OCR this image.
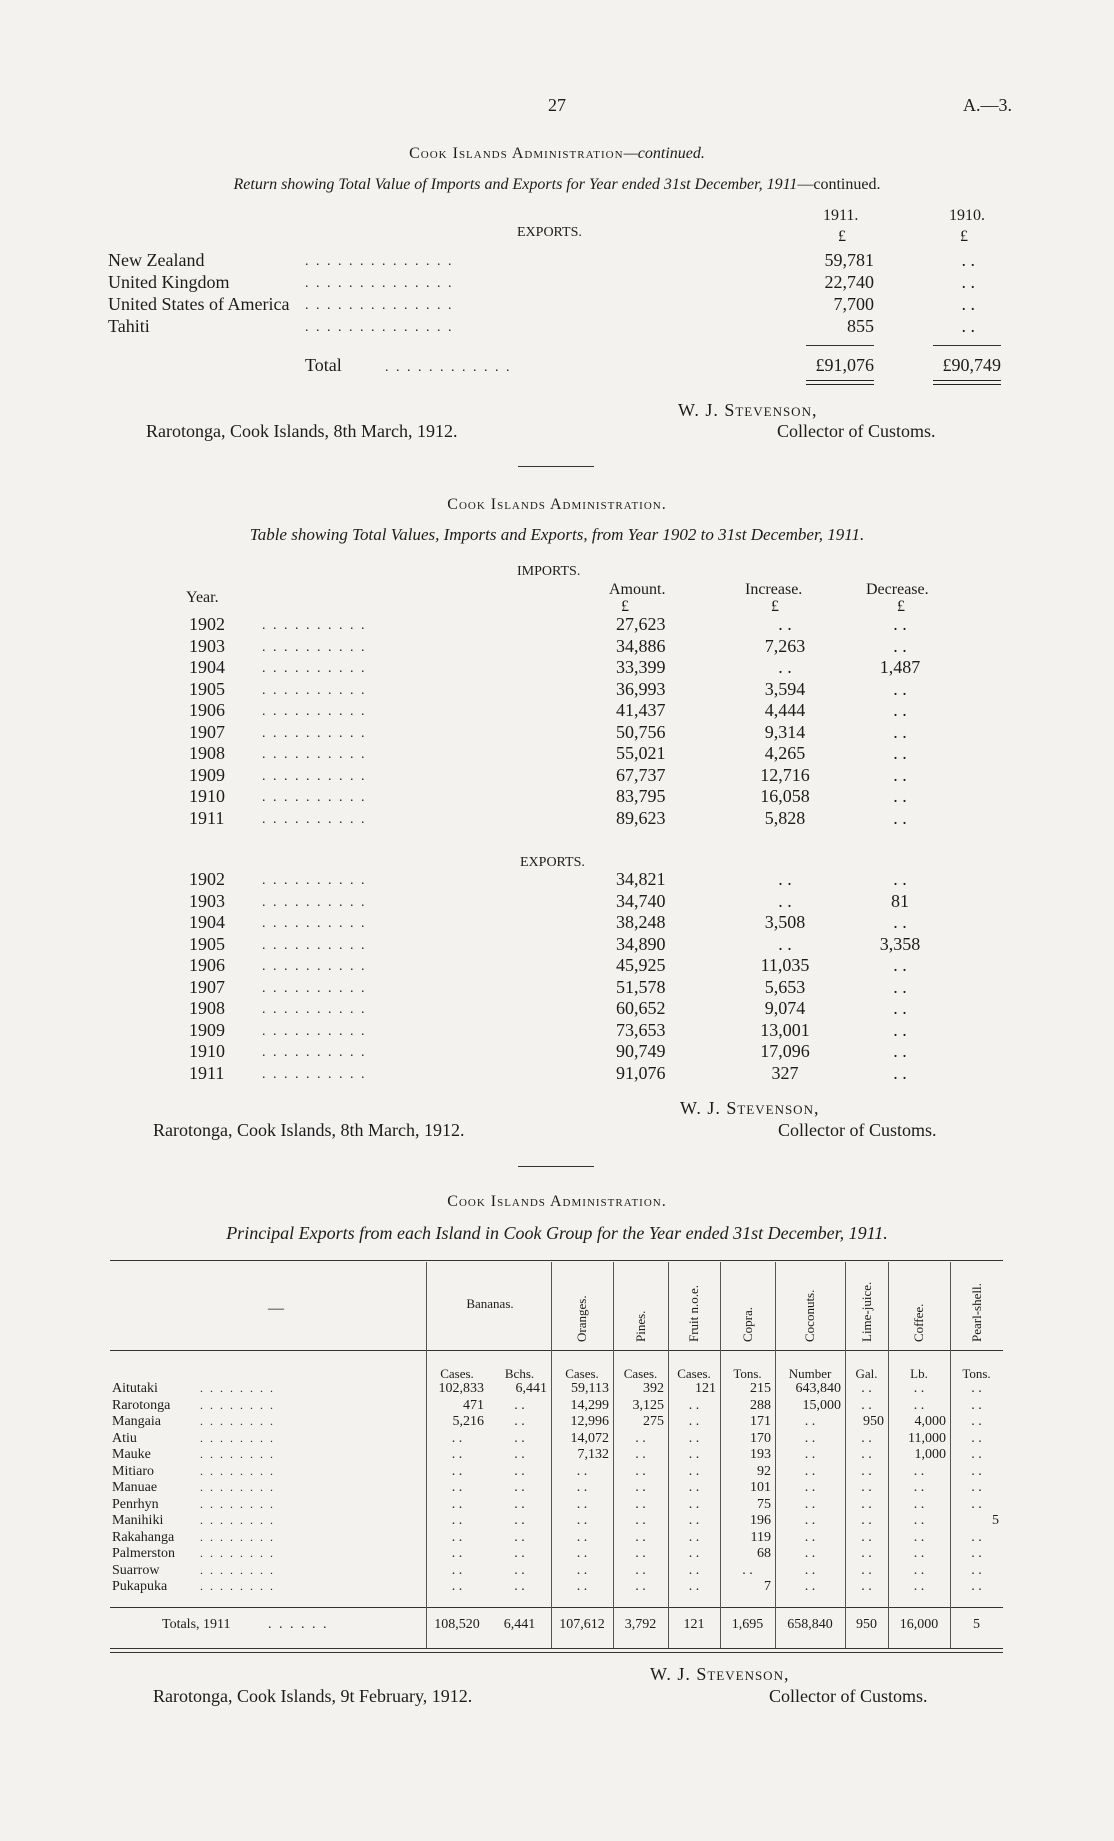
27	A.—3.
Cook Islands Administration—continued.
Return showing Total Value of Imports and Exports for Year ended 31st December, 1911—continued.
EXPORTS.
1911.	1910.
£	£
New Zealand	. . . . . . . . . . . . . .	59,781	. .
United Kingdom	. . . . . . . . . . . . . .	22,740	. .
United States of America . . . . . . . . . . . . . .	7,700	. .
Tahiti	. . . . . . . . . . . . . .	855	. .
Total	. . . . . . . . . . . .	£91,076	£90,749
W. J. Stevenson,
Rarotonga, Cook Islands, 8th March, 1912.	Collector of Customs.
Cook Islands Administration.
Table showing Total Values, Imports and Exports, from Year 1902 to 31st December, 1911.
IMPORTS.
Year.	Amount.	Increase.	Decrease.
£	£	£
1902	. . . . . . . . . .	27,623	. .	. .
1903	. . . . . . . . . .	34,886	7,263	. .
1904	. . . . . . . . . .	33,399	. .	1,487
1905	. . . . . . . . . .	36,993	3,594	. .
1906	. . . . . . . . . .	41,437	4,444	. .
1907	. . . . . . . . . .	50,756	9,314	. .
1908	. . . . . . . . . .	55,021	4,265	. .
1909	. . . . . . . . . .	67,737	12,716	. .
1910	. . . . . . . . . .	83,795	16,058	. .
1911	. . . . . . . . . .	89,623	5,828	. .
EXPORTS.
1902	. . . . . . . . . .	34,821	. .	. .
1903	. . . . . . . . . .	34,740	. .	81
1904	. . . . . . . . . .	38,248	3,508	. .
1905	. . . . . . . . . .	34,890	. .	3,358
1906	. . . . . . . . . .	45,925	11,035	. .
1907	. . . . . . . . . .	51,578	5,653	. .
1908	. . . . . . . . . .	60,652	9,074	. .
1909	. . . . . . . . . .	73,653	13,001	. .
1910	. . . . . . . . . .	90,749	17,096	. .
1911	. . . . . . . . . .	91,076	327	. .
W. J. Stevenson,
Rarotonga, Cook Islands, 8th March, 1912.	Collector of Customs.
Cook Islands Administration.
Principal Exports from each Island in Cook Group for the Year ended 31st December, 1911.
—	Bananas.	Oranges.	Pines.	Fruit n.o.e.	Copra.	Coconuts.	Lime-juice.	Coffee.	Pearl-shell.
Cases.	Bchs.	Cases.	Cases.	Cases.	Tons.	Number	Gal.	Lb.	Tons.
Aitutaki	. . . . . . . .	102,833	6,441	59,113	392	121	215	643,840	. .	. .	. .
Rarotonga . . . . . . . .	471	. .	14,299	3,125	. .	288	15,000	. .	. .	. .
Mangaia	. . . . . . . .	5,216	. .	12,996	275	. .	171	. .	950	4,000	. .
Atiu	. . . . . . . .	. .	. .	14,072	. .	. .	170	. .	. .	11,000	. .
Mauke	. . . . . . . .	. .	. .	7,132	. .	. .	193	. .	. .	1,000	. .
Mitiaro	. . . . . . . .	. .	. .	. .	. .	. .	92	. .	. .	. .	. .
Manuae	. . . . . . . .	. .	. .	. .	. .	. .	101	. .	. .	. .	. .
Penrhyn	. . . . . . . .	. .	. .	. .	. .	. .	75	. .	. .	. .	. .
Manihiki	. . . . . . . .	. .	. .	. .	. .	. .	196	. .	. .	. .	5
Rakahanga . . . . . . . .	. .	. .	. .	. .	. .	119	. .	. .	. .	. .
Palmerston . . . . . . . .	. .	. .	. .	. .	. .	68	. .	. .	. .	. .
Suarrow	. . . . . . . .	. .	. .	. .	. .	. .	. .	. .	. .	. .	. .
Pukapuka	. . . . . . . .	. .	. .	. .	. .	. .	7	. .	. .	. .	. .
Totals, 1911	. . . . . .	108,520	6,441	107,612	3,792	121	1,695	658,840	950	16,000	5
W. J. Stevenson,
Rarotonga, Cook Islands, 9t February, 1912.	Collector of Customs.
